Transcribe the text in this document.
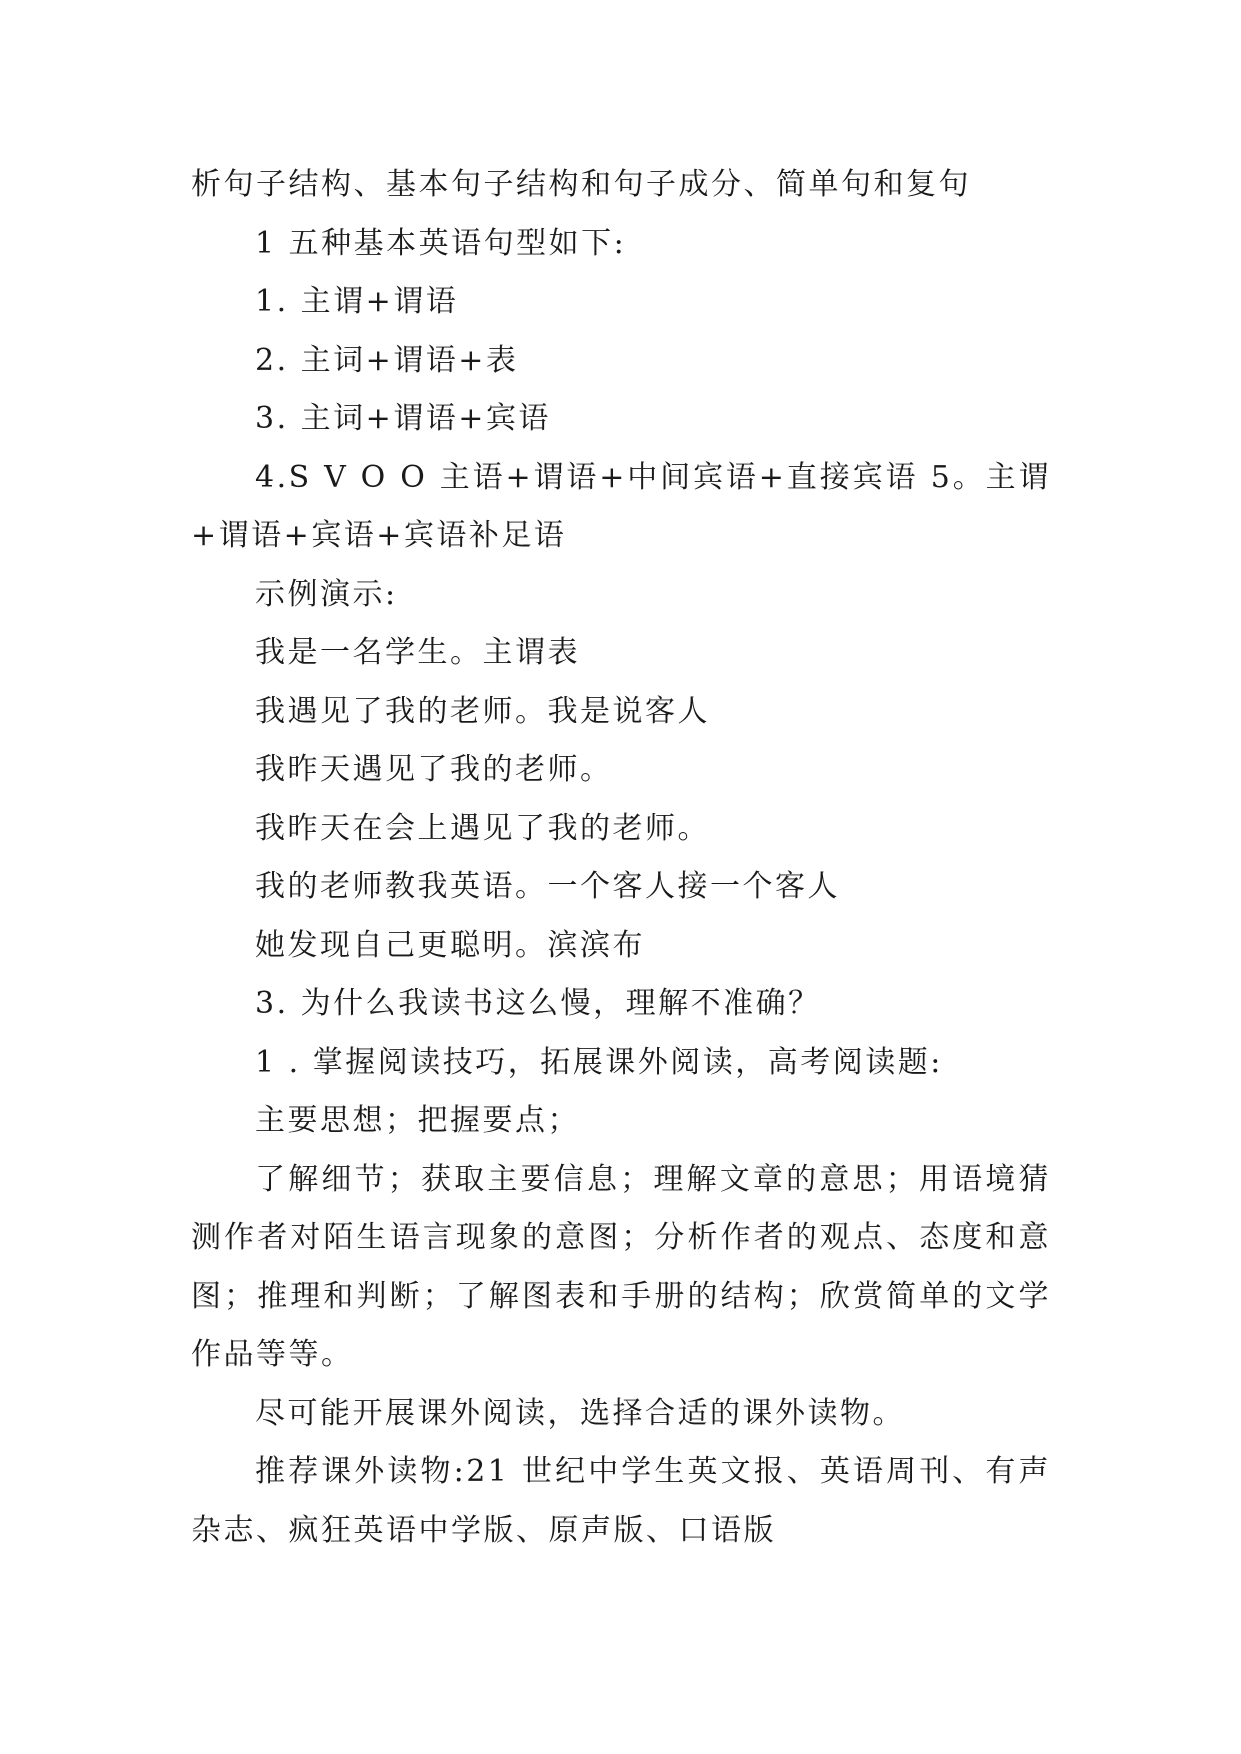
析句子结构、基本句子结构和句子成分、简单句和复句

1 五种基本英语句型如下:

1. 主谓+谓语

2. 主词+谓语+表

3. 主词+谓语+宾语

4.S V O O 主语+谓语+中间宾语+直接宾语 5。主谓+谓语+宾语+宾语补足语

示例演示:

我是一名学生。主谓表

我遇见了我的老师。我是说客人

我昨天遇见了我的老师。

我昨天在会上遇见了我的老师。

我的老师教我英语。一个客人接一个客人

她发现自己更聪明。滨滨布

3. 为什么我读书这么慢，理解不准确？

1 . 掌握阅读技巧，拓展课外阅读，高考阅读题:

主要思想；把握要点；

了解细节；获取主要信息；理解文章的意思；用语境猜测作者对陌生语言现象的意图；分析作者的观点、态度和意图；推理和判断；了解图表和手册的结构；欣赏简单的文学作品等等。

尽可能开展课外阅读，选择合适的课外读物。

推荐课外读物:21 世纪中学生英文报、英语周刊、有声杂志、疯狂英语中学版、原声版、口语版
